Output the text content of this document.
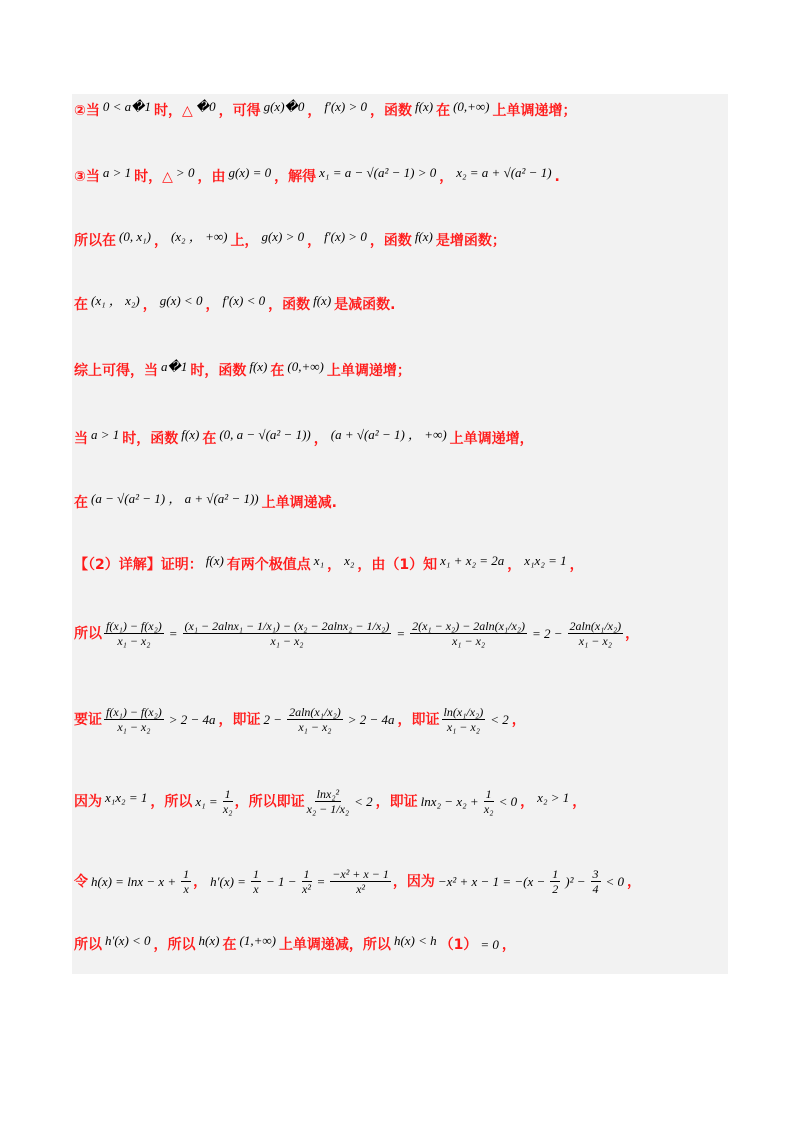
②当 0 < a�1 时，△ �0 ，可得 g(x)�0 ， f′(x) > 0 ，函数 f(x) 在 (0,+∞) 上单调递增；
③当 a > 1 时，△ > 0 ，由 g(x) = 0 ，解得 x₁ = a − √(a² − 1) > 0 ， x₂ = a + √(a² − 1) .
所以在 (0, x₁) ， (x₂ ， +∞) 上， g(x) > 0 ， f′(x) > 0 ，函数 f(x) 是增函数；
在 (x₁ ， x₂) ， g(x) < 0 ， f′(x) < 0 ，函数 f(x) 是减函数.
综上可得，当 a�1 时，函数 f(x) 在 (0,+∞) 上单调递增；
当 a > 1 时，函数 f(x) 在 (0, a − √(a² − 1)) ， (a + √(a² − 1) ， +∞) 上单调递增，
在 (a − √(a² − 1) ， a + √(a² − 1)) 上单调递减.
【（2）详解】证明： f(x) 有两个极值点 x₁ ， x₂ ，由（1）知 x₁ + x₂ = 2a ， x₁x₂ = 1 ，
所以 $\frac{\text{f(x₁) − f(x₂)}}{\text{x₁ − x₂}} = \frac{\text{(x₁ − 2alnx₁ − 1/x₁) − (x₂ − 2alnx₂ − 1/x₂)}}{\text{x₁ − x₂}} = \frac{\text{2(x₁ − x₂) − 2aln(x₁/x₂)}}{\text{x₁ − x₂}} = 2 - \frac{\text{2aln(x₁/x₂)}}{\text{x₁ − x₂}}$ ，
要证 $\frac{\text{f(x₁) − f(x₂)}}{\text{x₁ − x₂}} > 2 - 4a$ ，即证 $2 - \frac{\text{2aln(x₁/x₂)}}{\text{x₁ − x₂}} > 2 - 4a$ ，即证 $\frac{\text{ln(x₁/x₂)}}{\text{x₁ − x₂}} < 2$ ，
因为 x₁x₂ = 1 ，所以 $x_1 = \frac{1}{\text{x₂}}$ ，所以即证 $\frac{\text{lnx₂²}}{\text{x₂ − 1/x₂}} < 2$ ，即证 $\ln x_2 - x_2 + \frac{1}{\text{x₂}} < 0$ ， x₂ > 1 ，
令 $h(x) = \ln x - x + \frac{1}{x}$ ， $h'(x) = \frac{1}{x} - 1 - \frac{1}{\text{x²}} = \frac{\text{−x² + x − 1}}{\text{x²}}$ ，因为 $-x^2 + x - 1 = -(x - \frac{1}{2} )^2 - \frac{3}{4} < 0$ ，
所以 h′(x) < 0 ，所以 h(x) 在 (1,+∞) 上单调递减，所以 h(x) < h （1） = 0 ，
